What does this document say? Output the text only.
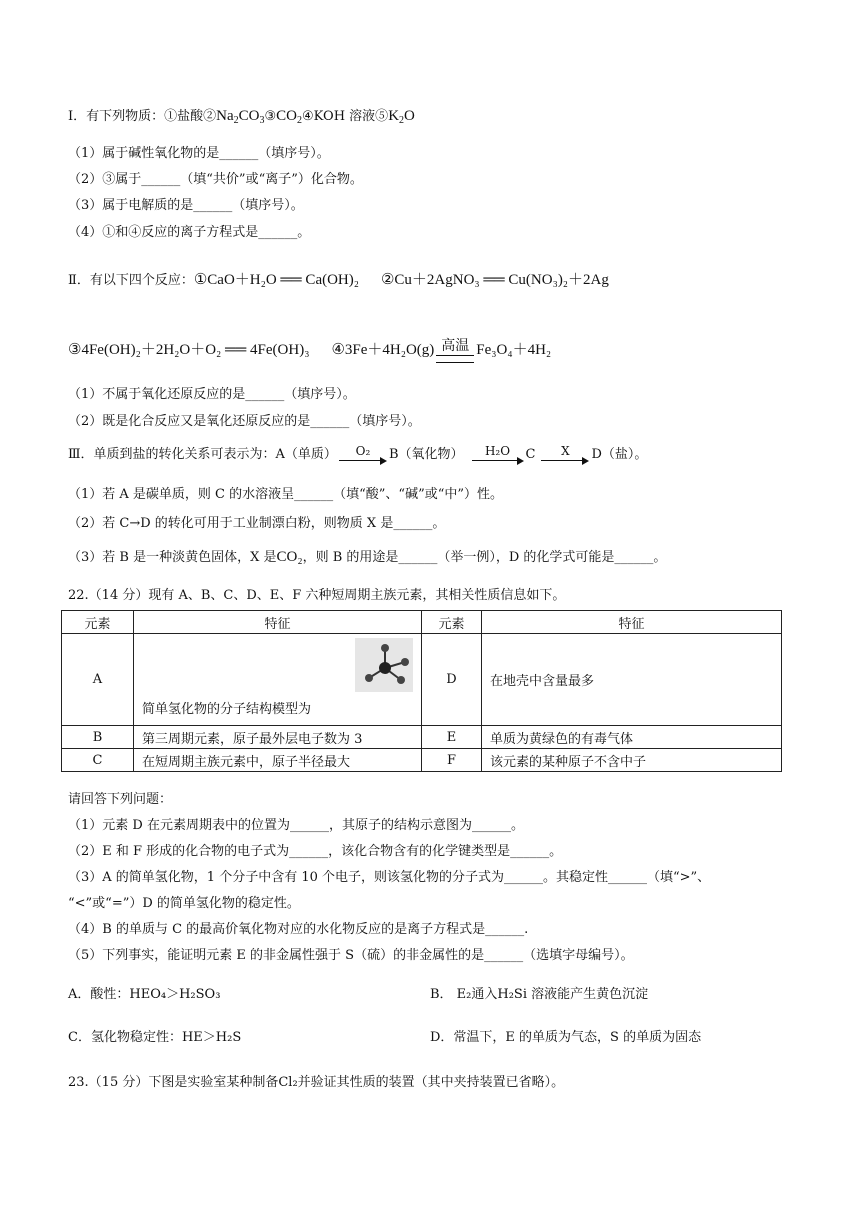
Ⅰ．有下列物质：①盐酸$②Na_2CO_3③CO_2④KOH$ 溶液$⑤K_2O$
（1）属于碱性氧化物的是______（填序号）。
（2）③属于______（填“共价”或“离子”）化合物。
（3）属于电解质的是______（填序号）。
（4）①和④反应的离子方程式是______。
Ⅱ．有以下四个反应：①CaO＋H₂O ══ Ca(OH)₂ ②Cu＋2AgNO₃ ══ Cu(NO₃)₂＋2Ag
③4Fe(OH)₂＋2H₂O＋O₂ ══ 4Fe(OH)₃ ④3Fe＋4H₂O(g) 高温 Fe₃O₄＋4H₂
（1）不属于氧化还原反应的是______（填序号）。
（2）既是化合反应又是氧化还原反应的是______（填序号）。
Ⅲ．单质到盐的转化关系可表示为：A（单质）	O₂	B（氧化物）	H₂O	C	X	D（盐）。
（1）若 A 是碳单质，则 C 的水溶液呈______（填“酸”、“碱”或“中”）性。
（2）若 C→D 的转化可用于工业制漂白粉，则物质 X 是______。
（3）若 B 是一种淡黄色固体，X 是CO₂，则 B 的用途是______（举一例），D 的化学式可能是______。
22.（14 分）现有 A、B、C、D、E、F 六种短周期主族元素，其相关性质信息如下。
元素	特征	元素	特征
A	简单氢化物的分子结构模型为	D	在地壳中含量最多
B	第三周期元素，原子最外层电子数为 3	E	单质为黄绿色的有毒气体
C	在短周期主族元素中，原子半径最大	F	该元素的某种原子不含中子
请回答下列问题：
（1）元素 D 在元素周期表中的位置为______，其原子的结构示意图为______。
（2）E 和 F 形成的化合物的电子式为______，该化合物含有的化学键类型是______。
（3）A 的简单氢化物，1 个分子中含有 10 个电子，则该氢化物的分子式为______。其稳定性______（填“>”、
“<”或“=”）D 的简单氢化物的稳定性。
（4）B 的单质与 C 的最高价氧化物对应的水化物反应的是离子方程式是______.
（5）下列事实，能证明元素 E 的非金属性强于 S（硫）的非金属性的是______（选填字母编号）。
A．酸性：HEO₄＞H₂SO₃	B． E₂通入H₂Si 溶液能产生黄色沉淀
C．氢化物稳定性：HE＞H₂S	D．常温下，E 的单质为气态，S 的单质为固态
23.（15 分）下图是实验室某种制备Cl₂并验证其性质的装置（其中夹持装置已省略）。
